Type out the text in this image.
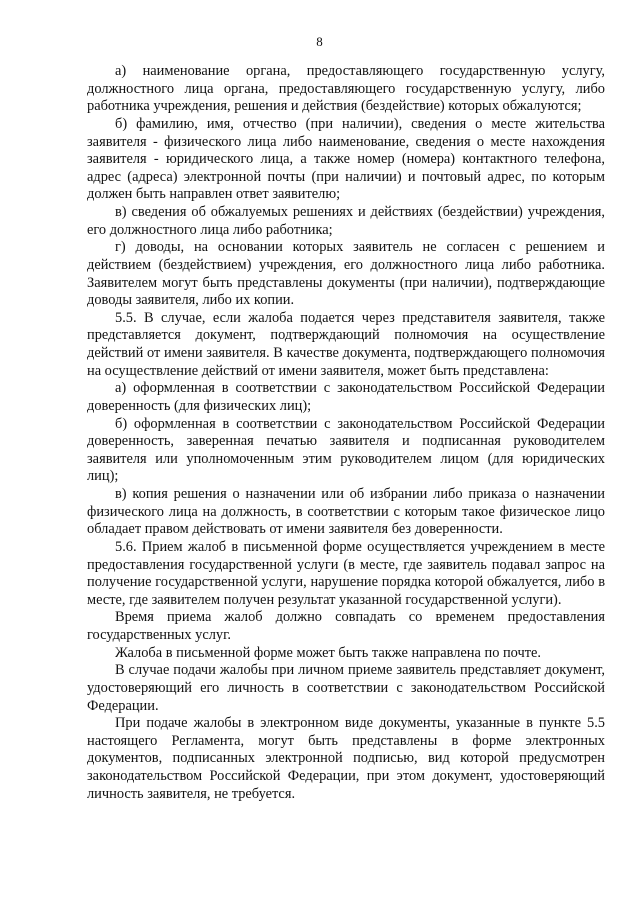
8

а) наименование органа, предоставляющего государственную услугу, должностного лица органа, предоставляющего государственную услугу, либо работника учреждения, решения и действия (бездействие) которых обжалуются;

б) фамилию, имя, отчество (при наличии), сведения о месте жительства заявителя - физического лица либо наименование, сведения о месте нахождения заявителя - юридического лица, а также номер (номера) контактного телефона, адрес (адреса) электронной почты (при наличии) и почтовый адрес, по которым должен быть направлен ответ заявителю;

в) сведения об обжалуемых решениях и действиях (бездействии) учреждения, его должностного лица либо работника;

г) доводы, на основании которых заявитель не согласен с решением и действием (бездействием) учреждения, его должностного лица либо работника. Заявителем могут быть представлены документы (при наличии), подтверждающие доводы заявителя, либо их копии.

5.5. В случае, если жалоба подается через представителя заявителя, также представляется документ, подтверждающий полномочия на осуществление действий от имени заявителя. В качестве документа, подтверждающего полномочия на осуществление действий от имени заявителя, может быть представлена:

а) оформленная в соответствии с законодательством Российской Федерации доверенность (для физических лиц);

б) оформленная в соответствии с законодательством Российской Федерации доверенность, заверенная печатью заявителя и подписанная руководителем заявителя или уполномоченным этим руководителем лицом (для юридических лиц);

в) копия решения о назначении или об избрании либо приказа о назначении физического лица на должность, в соответствии с которым такое физическое лицо обладает правом действовать от имени заявителя без доверенности.

5.6. Прием жалоб в письменной форме осуществляется учреждением в месте предоставления государственной услуги (в месте, где заявитель подавал запрос на получение государственной услуги, нарушение порядка которой обжалуется, либо в месте, где заявителем получен результат указанной государственной услуги).

Время приема жалоб должно совпадать со временем предоставления государственных услуг.

Жалоба в письменной форме может быть также направлена по почте.

В случае подачи жалобы при личном приеме заявитель представляет документ, удостоверяющий его личность в соответствии с законодательством Российской Федерации.

При подаче жалобы в электронном виде документы, указанные в пункте 5.5 настоящего Регламента, могут быть представлены в форме электронных документов, подписанных электронной подписью, вид которой предусмотрен законодательством Российской Федерации, при этом документ, удостоверяющий личность заявителя, не требуется.
